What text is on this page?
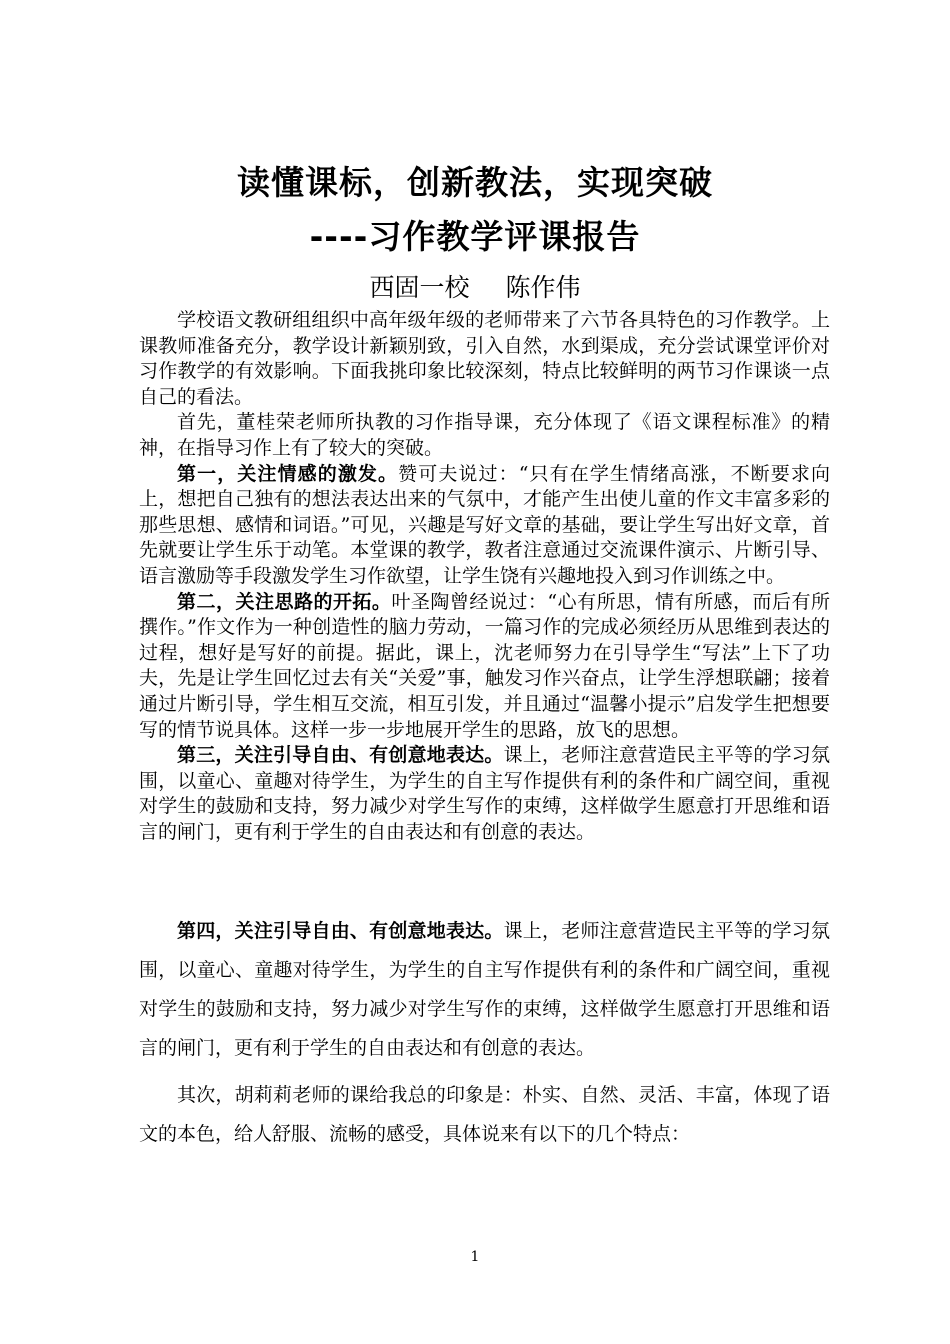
读懂课标，创新教法，实现突破
----习作教学评课报告
西固一校 陈作伟

学校语文教研组组织中高年级年级的老师带来了六节各具特色的习作教学。上课教师准备充分，教学设计新颖别致，引入自然，水到渠成，充分尝试课堂评价对习作教学的有效影响。下面我挑印象比较深刻，特点比较鲜明的两节习作课谈一点自己的看法。

首先，董桂荣老师所执教的习作指导课，充分体现了《语文课程标准》的精神，在指导习作上有了较大的突破。

第一，关注情感的激发。赞可夫说过：“只有在学生情绪高涨，不断要求向上，想把自己独有的想法表达出来的气氛中，才能产生出使儿童的作文丰富多彩的那些思想、感情和词语。”可见，兴趣是写好文章的基础，要让学生写出好文章，首先就要让学生乐于动笔。本堂课的教学，教者注意通过交流课件演示、片断引导、语言激励等手段激发学生习作欲望，让学生饶有兴趣地投入到习作训练之中。

第二，关注思路的开拓。叶圣陶曾经说过：“心有所思，情有所感，而后有所撰作。”作文作为一种创造性的脑力劳动，一篇习作的完成必须经历从思维到表达的过程，想好是写好的前提。据此，课上，沈老师努力在引导学生“写法”上下了功夫，先是让学生回忆过去有关“关爱”事，触发习作兴奋点，让学生浮想联翩；接着通过片断引导，学生相互交流，相互引发，并且通过“温馨小提示”启发学生把想要写的情节说具体。这样一步一步地展开学生的思路，放飞的思想。

第三，关注引导自由、有创意地表达。课上，老师注意营造民主平等的学习氛围，以童心、童趣对待学生，为学生的自主写作提供有利的条件和广阔空间，重视对学生的鼓励和支持，努力减少对学生写作的束缚，这样做学生愿意打开思维和语言的闸门，更有利于学生的自由表达和有创意的表达。

第四，关注引导自由、有创意地表达。课上，老师注意营造民主平等的学习氛围，以童心、童趣对待学生，为学生的自主写作提供有利的条件和广阔空间，重视对学生的鼓励和支持，努力减少对学生写作的束缚，这样做学生愿意打开思维和语言的闸门，更有利于学生的自由表达和有创意的表达。

其次，胡莉莉老师的课给我总的印象是：朴实、自然、灵活、丰富，体现了语文的本色，给人舒服、流畅的感受，具体说来有以下的几个特点：

1
